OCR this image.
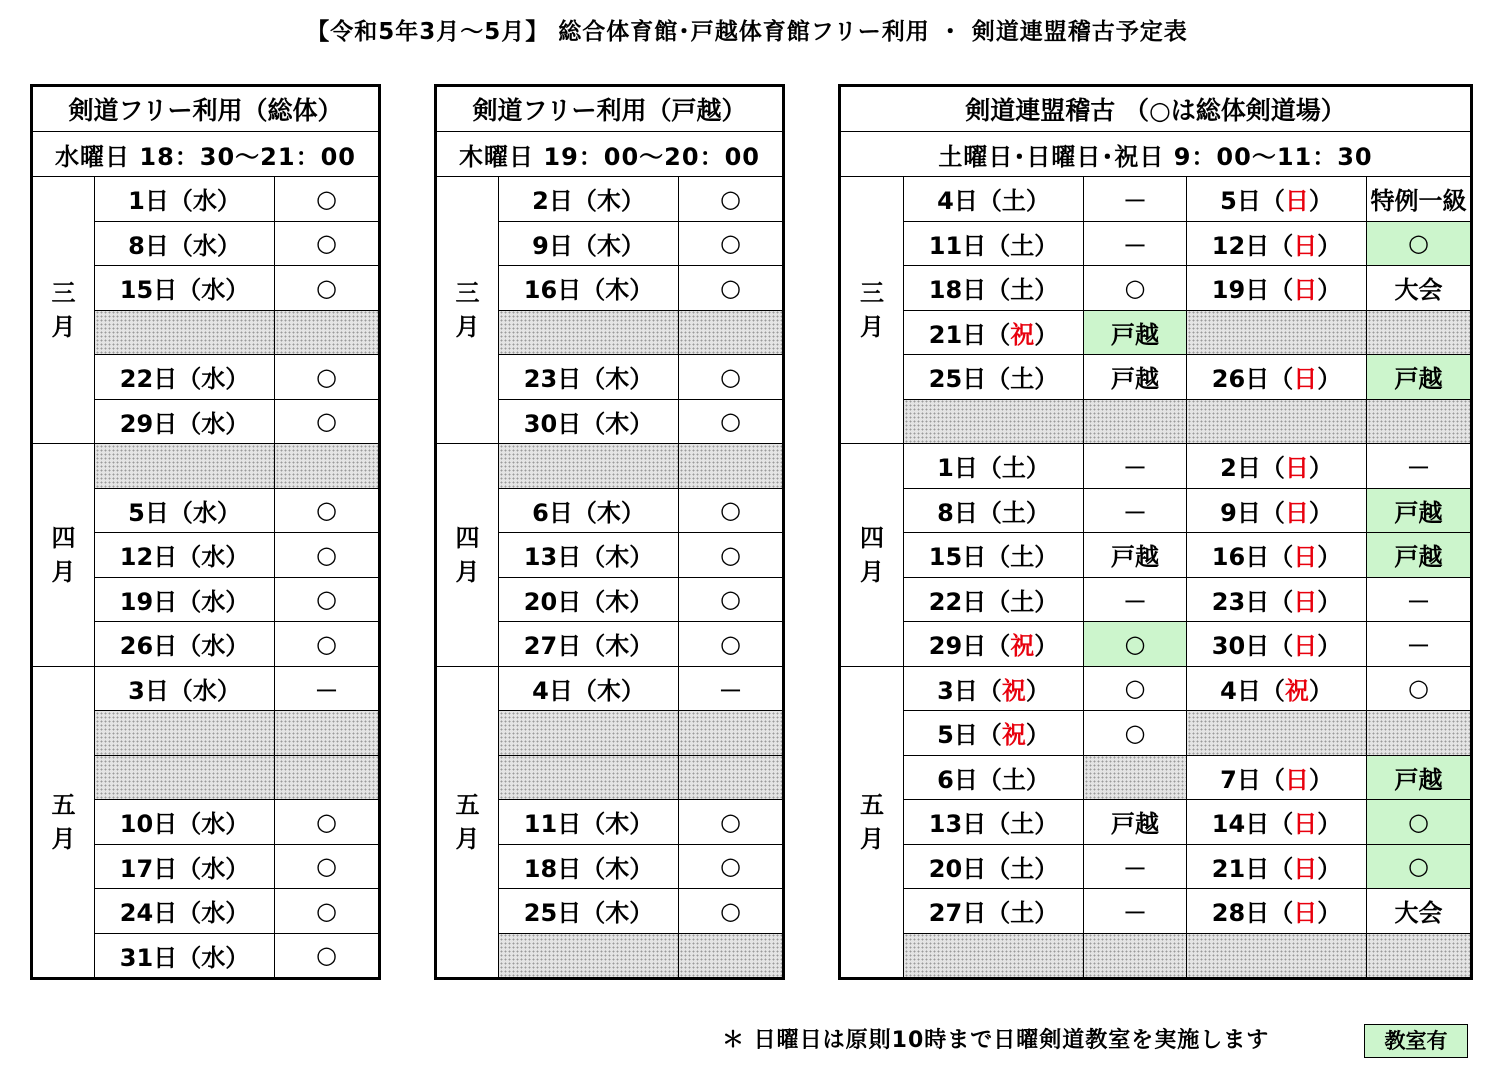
【令和5年3月～5月】 総合体育館･戸越体育館フリー利用 ・ 剣道連盟稽古予定表
剣道フリー利用（総体）		
水曜日 18：30～21：00		

三
月	1日（水）	○
	8日（水）	○
	15日（水）	○

	22日（水）	○
	29日（水）	○

四
月		

	5日（水）	○
	12日（水）	○
	19日（水）	○
	26日（水）	○

五
月	3日（水）	－

	10日（水）	○
	17日（水）	○
	24日（水）	○
	31日（水）	○
剣道フリー利用（戸越）		
木曜日 19：00～20：00		

三
月	2日（木）	○
	9日（木）	○
	16日（木）	○

	23日（木）	○
	30日（木）	○

四
月		

	6日（木）	○
	13日（木）	○
	20日（木）	○
	27日（木）	○

五
月	4日（木）	－

	11日（木）	○
	18日（木）	○
	25日（木）	○

剣道連盟稽古 （○は総体剣道場）				
土曜日･日曜日･祝日 9：00～11：30				

三
月	4日（土）	－	5日（日）	特例一級
	11日（土）	－	12日（日）	○
	18日（土）	○	19日（日）	大会
	21日（祝）	戸越		
	25日（土）	戸越	26日（日）	戸越

四
月	1日（土）	－	2日（日）	－
	8日（土）	－	9日（日）	戸越
	15日（土）	戸越	16日（日）	戸越
	22日（土）	－	23日（日）	－
	29日（祝）	○	30日（日）	－

五
月	3日（祝）	○	4日（祝）	○
	5日（祝）	○		
	6日（土）		7日（日）	戸越
	13日（土）	戸越	14日（日）	○
	20日（土）	－	21日（日）	○
	27日（土）	－	28日（日）	大会

＊ 日曜日は原則10時まで日曜剣道教室を実施します	教室有
